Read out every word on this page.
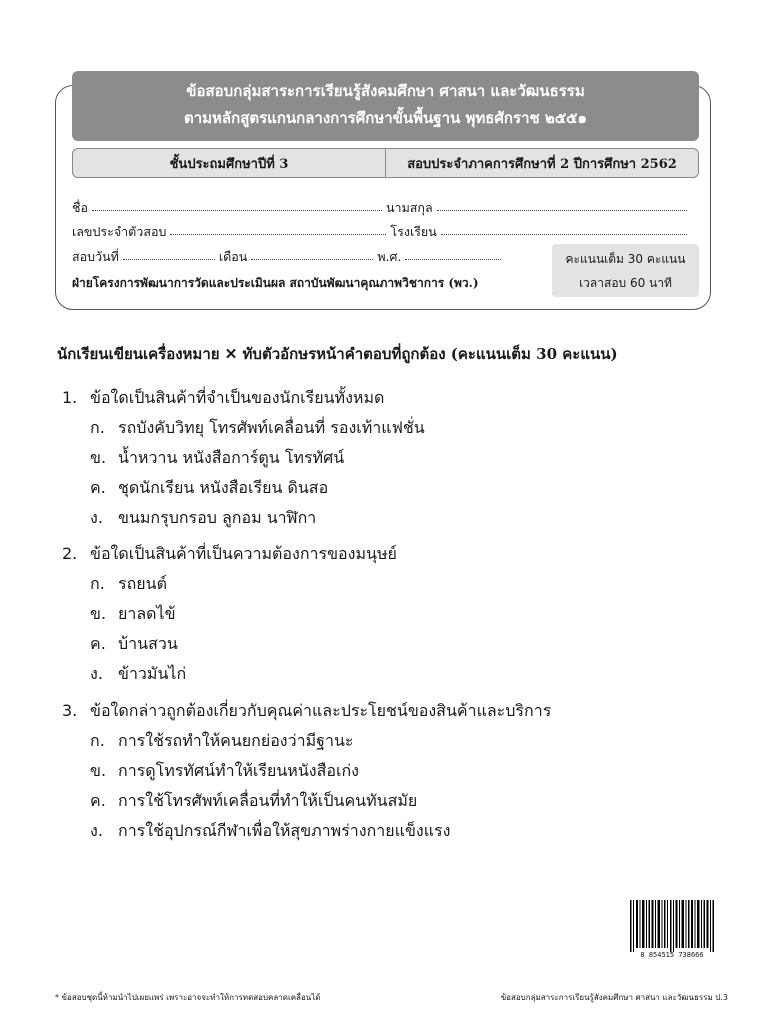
ข้อสอบกลุ่มสาระการเรียนรู้สังคมศึกษา ศาสนา และวัฒนธรรม
ตามหลักสูตรแกนกลางการศึกษาขั้นพื้นฐาน พุทธศักราช ๒๕๕๑
ชั้นประถมศึกษาปีที่ 3	สอบประจำภาคการศึกษาที่ 2 ปีการศึกษา 2562
ชื่อ	นามสกุล
เลขประจำตัวสอบ	โรงเรียน
สอบวันที่	เดือน	พ.ศ.
ฝ่ายโครงการพัฒนาการวัดและประเมินผล สถาบันพัฒนาคุณภาพวิชาการ (พว.)
คะแนนเต็ม 30 คะแนน
เวลาสอบ 60 นาที
นักเรียนเขียนเครื่องหมาย ✕ ทับตัวอักษรหน้าคำตอบที่ถูกต้อง (คะแนนเต็ม 30 คะแนน)
1. ข้อใดเป็นสินค้าที่จำเป็นของนักเรียนทั้งหมด
ก. รถบังคับวิทยุ โทรศัพท์เคลื่อนที่ รองเท้าแฟชั่น
ข. น้ำหวาน หนังสือการ์ตูน โทรทัศน์
ค. ชุดนักเรียน หนังสือเรียน ดินสอ
ง. ขนมกรุบกรอบ ลูกอม นาฬิกา
2. ข้อใดเป็นสินค้าที่เป็นความต้องการของมนุษย์
ก. รถยนต์
ข. ยาลดไข้
ค. บ้านสวน
ง. ข้าวมันไก่
3. ข้อใดกล่าวถูกต้องเกี่ยวกับคุณค่าและประโยชน์ของสินค้าและบริการ
ก. การใช้รถทำให้คนยกย่องว่ามีฐานะ
ข. การดูโทรทัศน์ทำให้เรียนหนังสือเก่ง
ค. การใช้โทรศัพท์เคลื่อนที่ทำให้เป็นคนทันสมัย
ง. การใช้อุปกรณ์กีฬาเพื่อให้สุขภาพร่างกายแข็งแรง
8 854515 738666
* ข้อสอบชุดนี้ห้ามนำไปเผยแพร่ เพราะอาจจะทำให้การทดสอบคลาดเคลื่อนได้	ข้อสอบกลุ่มสาระการเรียนรู้สังคมศึกษา ศาสนา และวัฒนธรรม ป.3
